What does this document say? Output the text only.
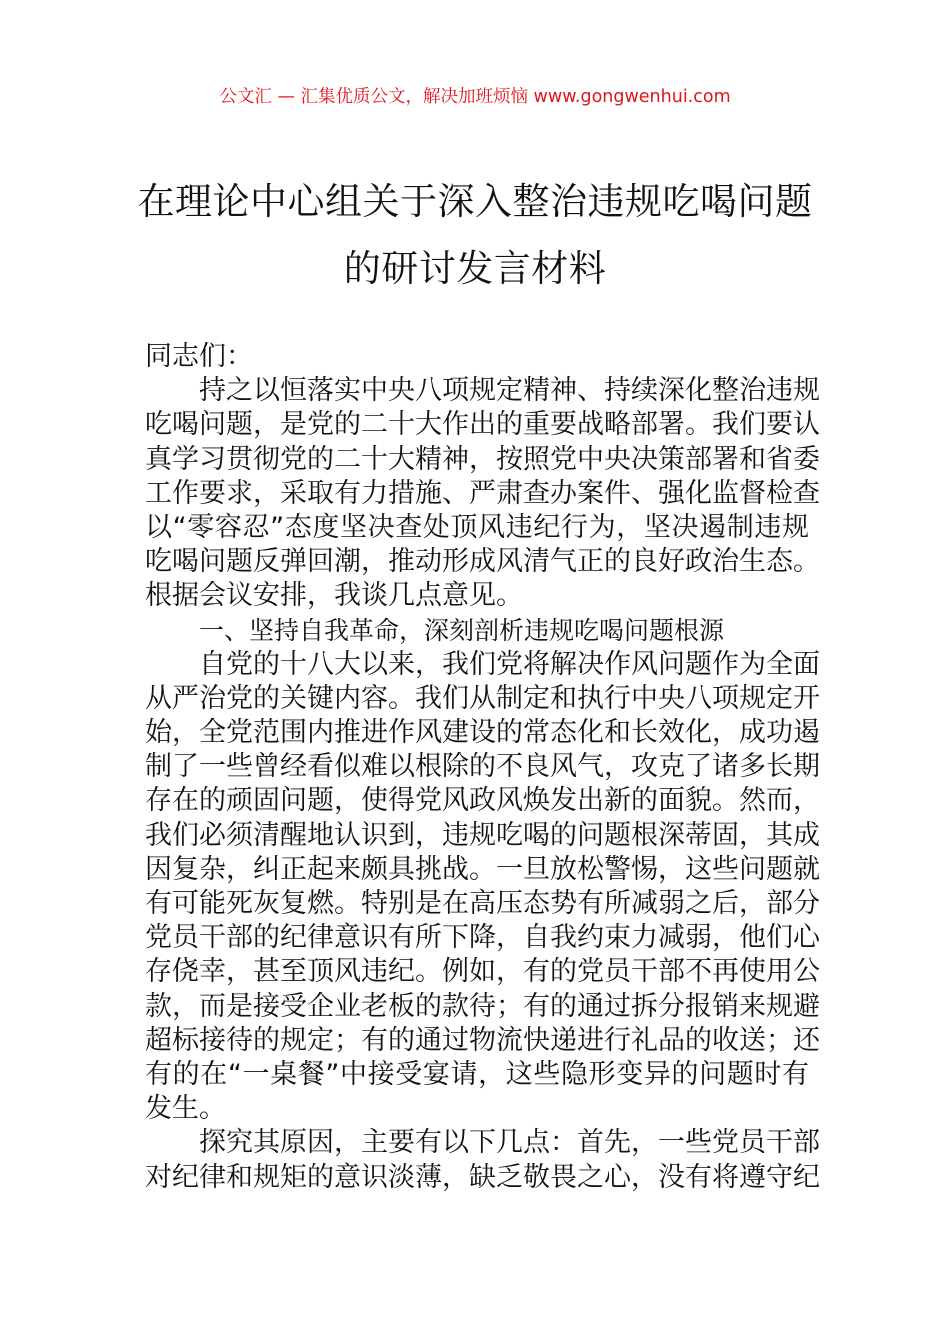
公文汇 — 汇集优质公文，解决加班烦恼 www.gongwenhui.com
在理论中心组关于深入整治违规吃喝问题
的研讨发言材料
同志们：
持之以恒落实中央八项规定精神、持续深化整治违规
吃喝问题，是党的二十大作出的重要战略部署。我们要认
真学习贯彻党的二十大精神，按照党中央决策部署和省委
工作要求，采取有力措施、严肃查办案件、强化监督检查
以“零容忍”态度坚决查处顶风违纪行为，坚决遏制违规
吃喝问题反弹回潮，推动形成风清气正的良好政治生态。
根据会议安排，我谈几点意见。
一、坚持自我革命，深刻剖析违规吃喝问题根源
自党的十八大以来，我们党将解决作风问题作为全面
从严治党的关键内容。我们从制定和执行中央八项规定开
始，全党范围内推进作风建设的常态化和长效化，成功遏
制了一些曾经看似难以根除的不良风气，攻克了诸多长期
存在的顽固问题，使得党风政风焕发出新的面貌。然而，
我们必须清醒地认识到，违规吃喝的问题根深蒂固，其成
因复杂，纠正起来颇具挑战。一旦放松警惕，这些问题就
有可能死灰复燃。特别是在高压态势有所减弱之后，部分
党员干部的纪律意识有所下降，自我约束力减弱，他们心
存侥幸，甚至顶风违纪。例如，有的党员干部不再使用公
款，而是接受企业老板的款待；有的通过拆分报销来规避
超标接待的规定；有的通过物流快递进行礼品的收送；还
有的在“一桌餐”中接受宴请，这些隐形变异的问题时有
发生。
探究其原因，主要有以下几点：首先，一些党员干部
对纪律和规矩的意识淡薄，缺乏敬畏之心，没有将遵守纪
